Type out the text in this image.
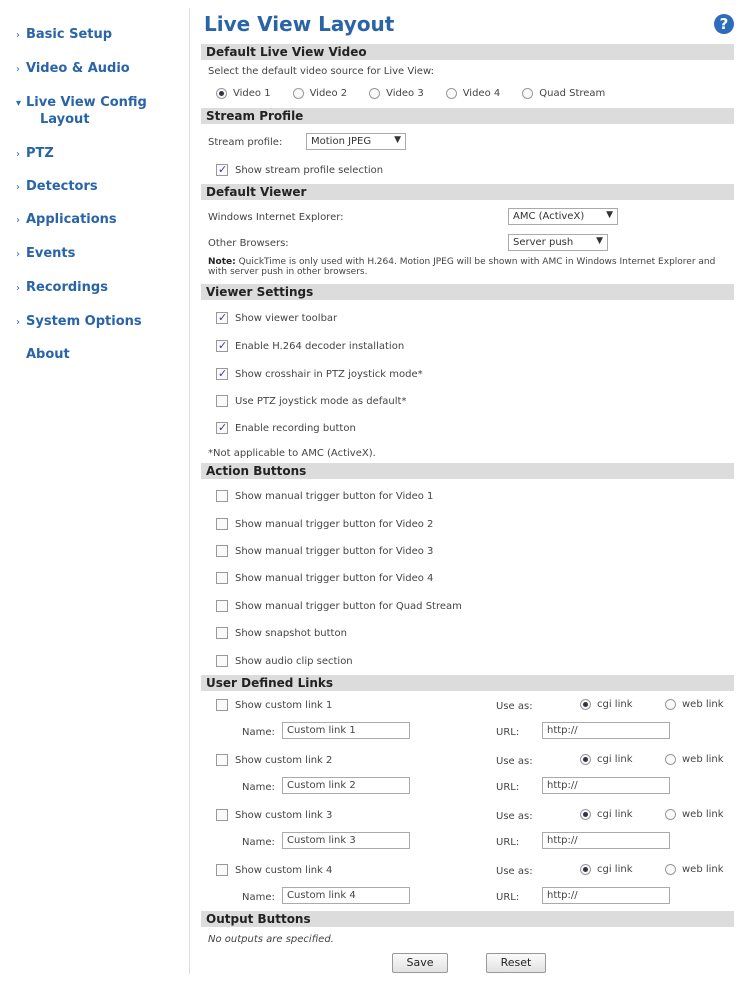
› Basic Setup
› Video & Audio
▾ Live View Config
Layout
› PTZ
› Detectors
› Applications
› Events
› Recordings
› System Options
About
Live View Layout	?
Default Live View Video
Select the default video source for Live View:
Video 1	Video 2	Video 3	Video 4	Quad Stream
Stream Profile
Stream profile:	Motion JPEG	▼
✓
Show stream profile selection
Default Viewer
Windows Internet Explorer:	AMC (ActiveX) ▼
Other Browsers:	Server push	▼
Note: QuickTime is only used with H.264. Motion JPEG will be shown with AMC in Windows Internet Explorer and with server push in other browsers.
Viewer Settings
✓
Show viewer toolbar
✓
Enable H.264 decoder installation
✓
Show crosshair in PTZ joystick mode*
Use PTZ joystick mode as default*
✓
Enable recording button
*Not applicable to AMC (ActiveX).
Action Buttons
Show manual trigger button for Video 1
Show manual trigger button for Video 2
Show manual trigger button for Video 3
Show manual trigger button for Video 4
Show manual trigger button for Quad Stream
Show snapshot button
Show audio clip section
User Defined Links
Show custom link 1	Use as:	cgi link	web link
Name:	Custom link 1	URL:	http://
Show custom link 2	Use as:	cgi link	web link
Name:	Custom link 2	URL:	http://
Show custom link 3	Use as:	cgi link	web link
Name:	Custom link 3	URL:	http://
Show custom link 4	Use as:	cgi link	web link
Name:	Custom link 4	URL:	http://
Output Buttons
No outputs are specified.
Save	Reset
